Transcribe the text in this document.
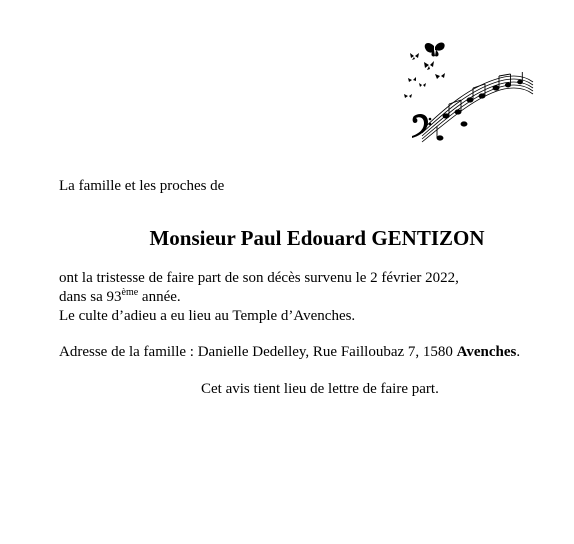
La famille et les proches de
Monsieur Paul Edouard GENTIZON
ont la tristesse de faire part de son décès survenu le 2 février 2022,
dans sa 93ème année.
Le culte d’adieu a eu lieu au Temple d’Avenches.
Adresse de la famille : Danielle Dedelley, Rue Failloubaz 7, 1580 Avenches.
Cet avis tient lieu de lettre de faire part.
